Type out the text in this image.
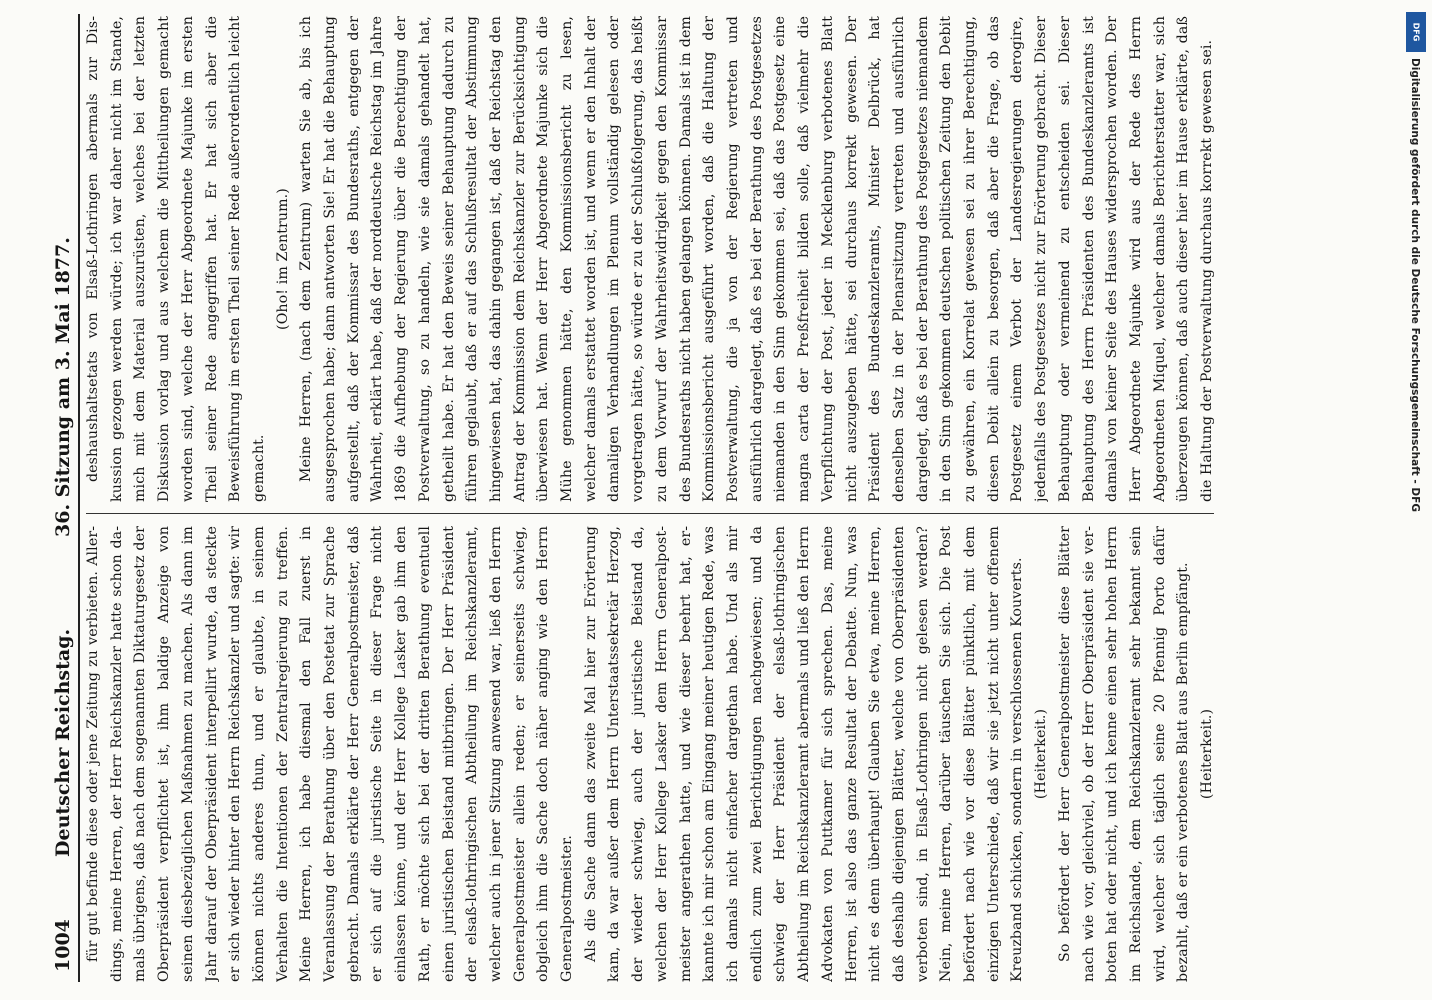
1004
Deutscher Reichstag.
36. Sitzung am 3. Mai 1877.

für gut befinde diese oder jene Zeitung zu verbieten. Allerdings, meine Herren, der Herr Reichskanzler hatte schon damals übrigens, daß nach dem sogenannten Diktaturgesetz der Oberpräsident verpflichtet ist, ihm baldige Anzeige von seinen diesbezüglichen Maßnahmen zu machen. Als dann im Jahr darauf der Oberpräsident interpellirt wurde, da steckte er sich wieder hinter den Herrn Reichskanzler und sagte: wir können nichts anderes thun, und er glaubte, in seinem Verhalten die Intentionen der Zentralregierung zu treffen. Meine Herren, ich habe diesmal den Fall zuerst in Veranlassung der Berathung über den Postetat zur Sprache gebracht. Damals erklärte der Herr Generalpostmeister, daß er sich auf die juristische Seite in dieser Frage nicht einlassen könne, und der Herr Kollege Lasker gab ihm den Rath, er möchte sich bei der dritten Berathung eventuell einen juristischen Beistand mitbringen. Der Herr Präsident der elsaß-lothringischen Abtheilung im Reichskanzleramt, welcher auch in jener Sitzung anwesend war, ließ den Herrn Generalpostmeister allein reden; er seinerseits schwieg, obgleich ihm die Sache doch näher anging wie den Herrn Generalpostmeister. Als die Sache dann das zweite Mal hier zur Erörterung kam, da war außer dem Herrn Unterstaatssekretär Herzog, der wieder schwieg, auch der juristische Beistand da, welchen der Herr Kollege Lasker dem Herrn Generalpostmeister angerathen hatte, und wie dieser beehrt hat, erkannte ich mir schon am Eingang meiner heutigen Rede, was ich damals nicht einfacher dargethan habe. Und als mir endlich zum zwei Berichtigungen nachgewiesen; und da schwieg der Herr Präsident der elsaß-lothringischen Abtheilung im Reichskanzleramt abermals und ließ den Herrn Advokaten von Puttkamer für sich sprechen. Das, meine Herren, ist also das ganze Resultat der Debatte. Nun, was nicht es denn überhaupt! Glauben Sie etwa, meine Herren, daß deshalb diejenigen Blätter, welche von Oberpräsidenten verboten sind, in Elsaß-Lothringen nicht gelesen werden? Nein, meine Herren, darüber täuschen Sie sich. Die Post befördert nach wie vor diese Blätter pünktlich, mit dem einzigen Unterschiede, daß wir sie jetzt nicht unter offenem Kreuzband schicken, sondern in verschlossenen Kouverts. (Heiterkeit.) So befördert der Herr Generalpostmeister diese Blätter nach wie vor, gleichviel, ob der Herr Oberpräsident sie verboten hat oder nicht, und ich kenne einen sehr hohen Herrn im Reichslande, dem Reichskanzleramt sehr bekannt sein wird, welcher sich täglich seine 20 Pfennig Porto dafür bezahlt, daß er ein verbotenes Blatt aus Berlin empfängt. (Heiterkeit.)

deshaushaltsetats von Elsaß-Lothringen abermals zur Diskussion gezogen werden würde; ich war daher nicht im Stande, mich mit dem Material auszurüsten, welches bei der letzten Diskussion vorlag und aus welchem die Mittheilungen gemacht worden sind, welche der Herr Abgeordnete Majunke im ersten Theil seiner Rede angegriffen hat. Er hat sich aber die Beweisführung im ersten Theil seiner Rede außerordentlich leicht gemacht.

(Oho! im Zentrum.) Meine Herren, (nach dem Zentrum) warten Sie ab, bis ich ausgesprochen habe; dann antworten Sie! Er hat die Behauptung aufgestellt, daß der Kommissar des Bundesraths, entgegen der Wahrheit, erklärt habe, daß der norddeutsche Reichstag im Jahre 1869 die Aufhebung der Regierung über die Berechtigung der Postverwaltung, so zu handeln, wie sie damals gehandelt hat, getheilt habe. Er hat den Beweis seiner Behauptung dadurch zu führen geglaubt, daß er auf das Schlußresultat der Abstimmung hingewiesen hat, das dahin gegangen ist, daß der Reichstag den Antrag der Kommission dem Reichskanzler zur Berücksichtigung überwiesen hat. Wenn der Herr Abgeordnete Majunke sich die Mühe genommen hätte, den Kommissionsbericht zu lesen, welcher damals erstattet worden ist, und wenn er den Inhalt der damaligen Verhandlungen im Plenum vollständig gelesen oder vorgetragen hätte, so würde er zu der Schlußfolgerung, das heißt zu dem Vorwurf der Wahrheitswidrigkeit gegen den Kommissar des Bundesraths nicht haben gelangen können. Damals ist in dem Kommissionsbericht ausgeführt worden, daß die Haltung der Postverwaltung, die ja von der Regierung vertreten und ausführlich dargelegt, daß es bei der Berathung des Postgesetzes niemanden in den Sinn gekommen sei, daß das Postgesetz eine magna carta der Preßfreiheit bilden solle, daß vielmehr die Verpflichtung der Post, jeder in Mecklenburg verbotenes Blatt nicht auszugeben hätte, sei durchaus korrekt gewesen. Der Präsident des Bundeskanzleramts, Minister Delbrück, hat denselben Satz in der Plenarsitzung vertreten und ausführlich dargelegt, daß es bei der Berathung des Postgesetzes niemandem in den Sinn gekommen deutschen politischen Zeitung den Debit zu gewähren, ein Korrelat gewesen sei zu ihrer Berechtigung, diesen Debit allein zu besorgen, daß aber die Frage, ob das Postgesetz einem Verbot der Landesregierungen derogire, jedenfalls des Postgesetzes nicht zur Erörterung gebracht. Dieser Behauptung oder vermeinend zu entscheiden sei. Dieser Behauptung des Herrn Präsidenten des Bundeskanzleramts ist damals von keiner Seite des Hauses widersprochen worden. Der Herr Abgeordnete Majunke wird aus der Rede des Herrn Abgeordneten Miquel, welcher damals Berichterstatter war, sich überzeugen können, daß auch dieser hier im Hause erklärte, daß die Haltung der Postverwaltung durchaus korrekt gewesen sei.

DFG
Digitalisierung gefördert durch die Deutsche Forschungsgemeinschaft - DFG
